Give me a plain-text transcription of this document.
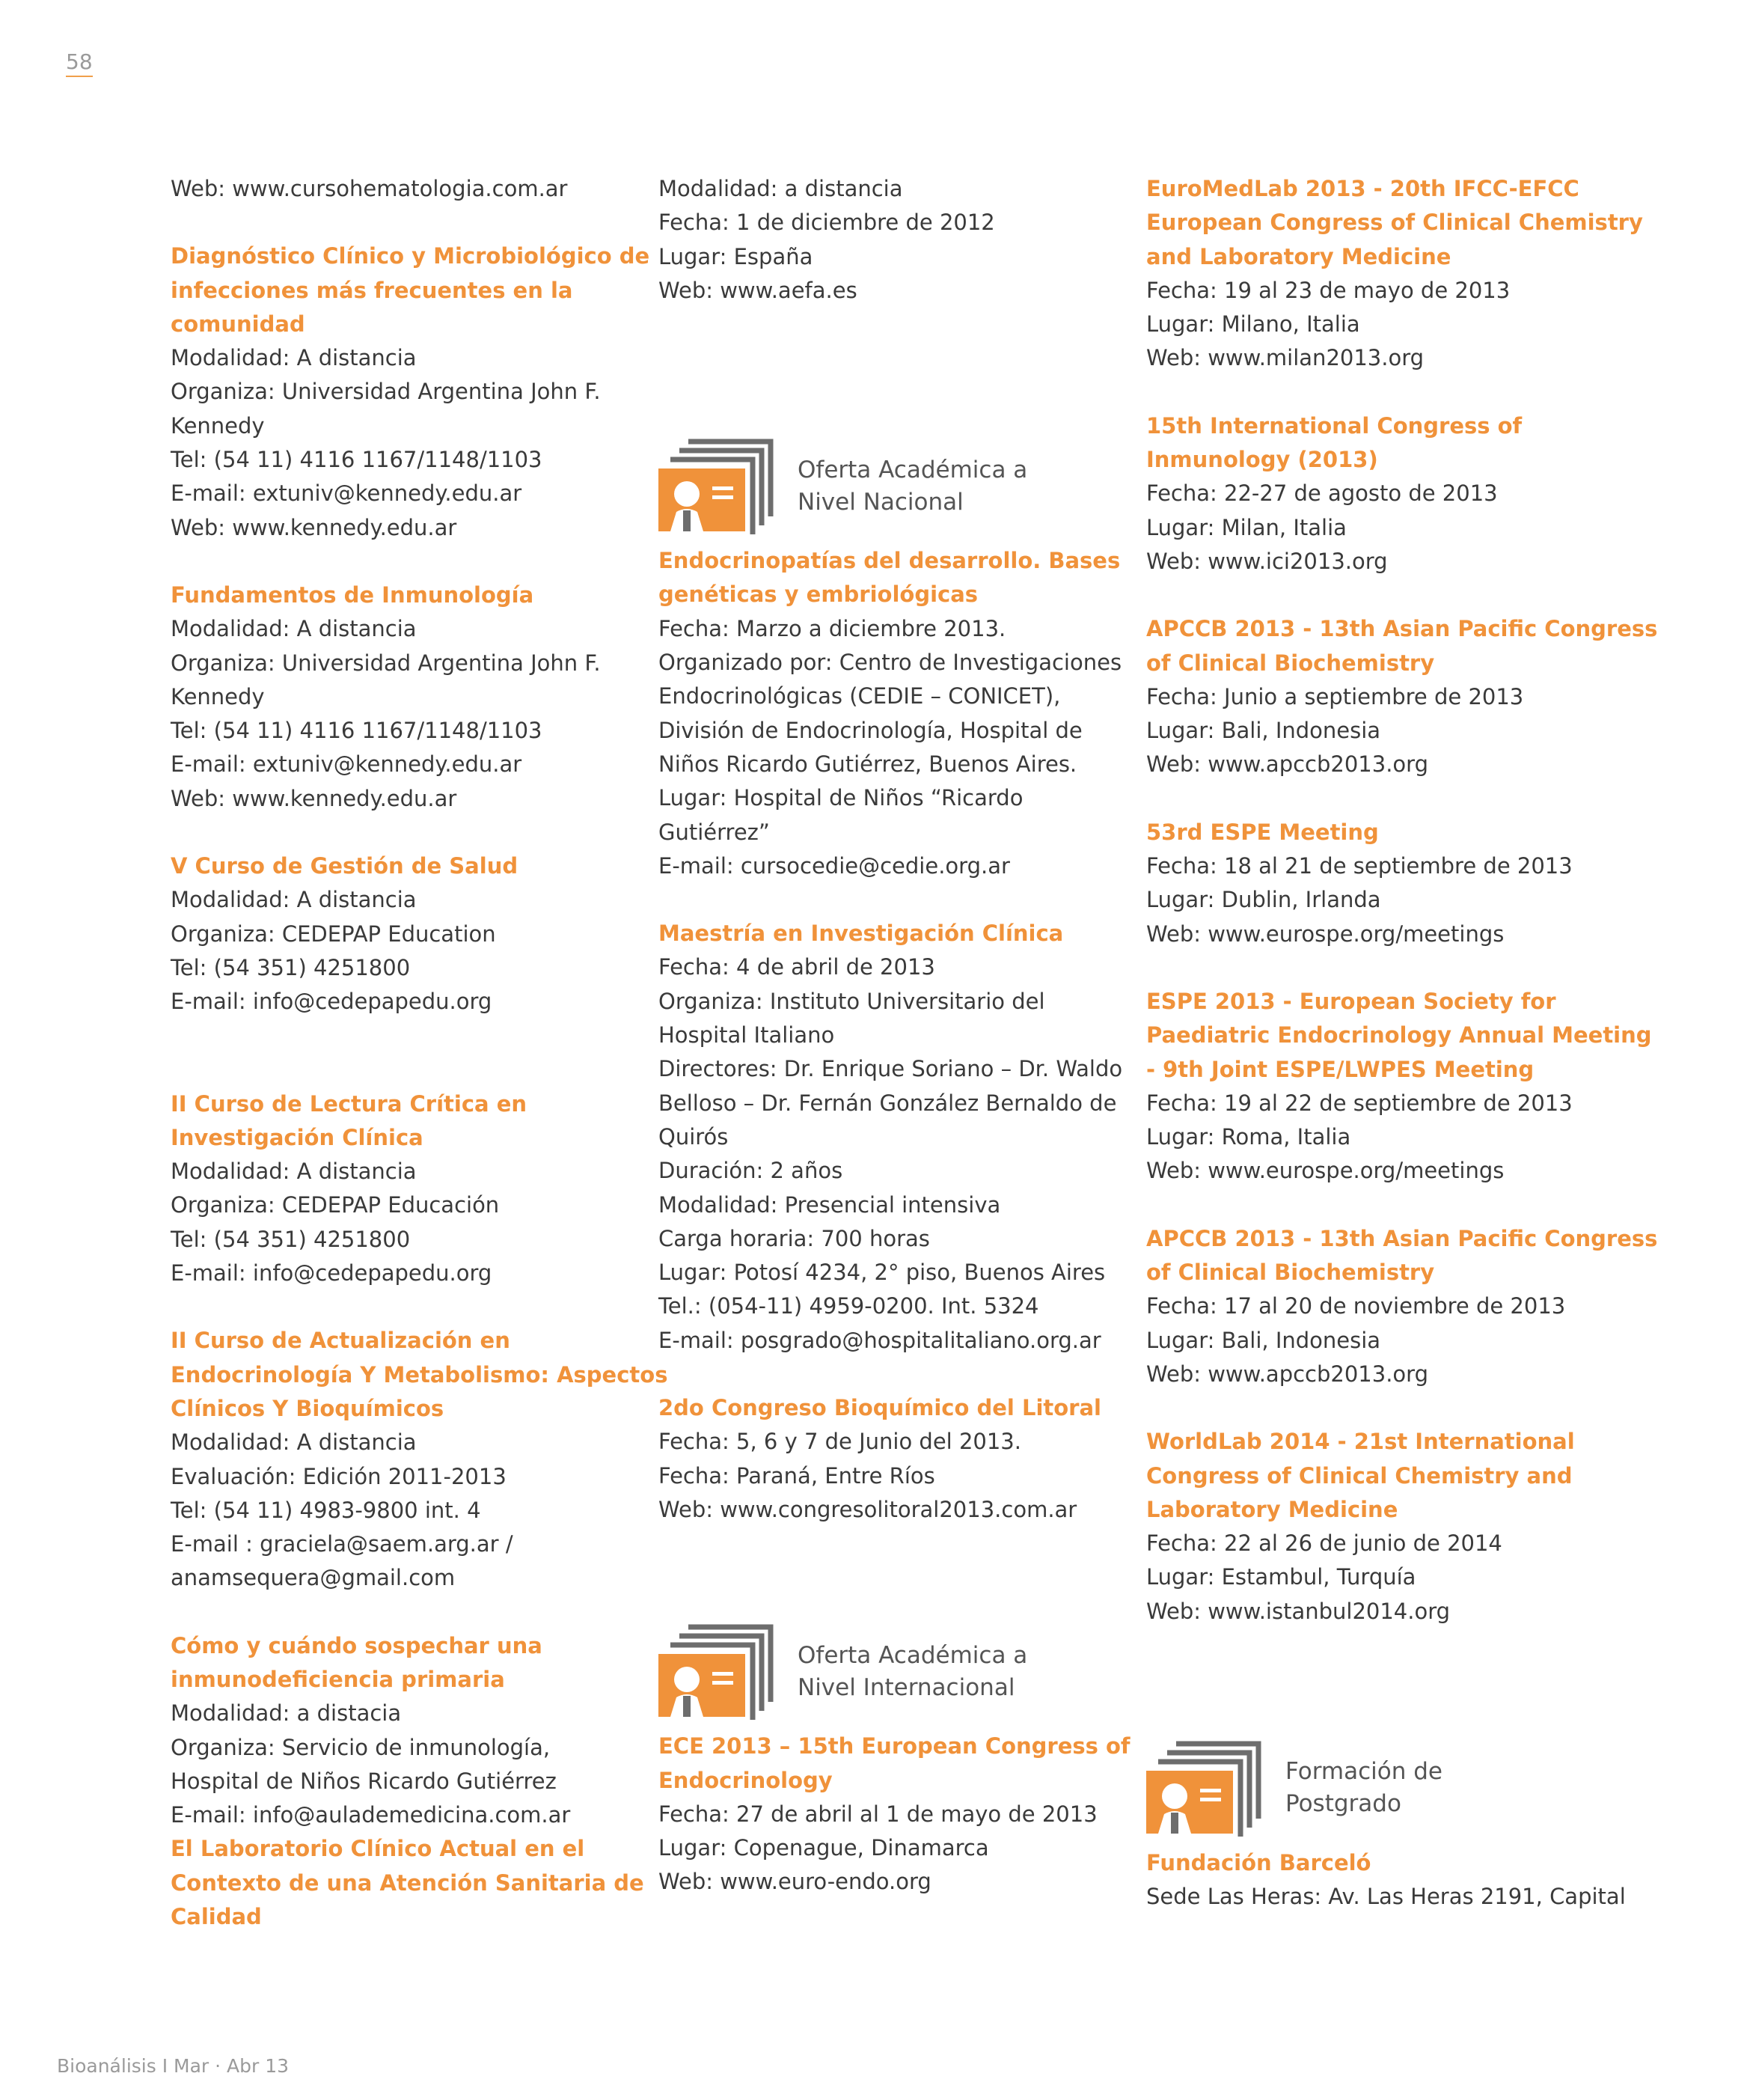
58
Web: www.cursohematologia.com.ar
Diagnóstico Clínico y Microbiológico de
infecciones más frecuentes en la
comunidad
Modalidad: A distancia
Organiza: Universidad Argentina John F.
Kennedy
Tel: (54 11) 4116 1167/1148/1103
E-mail: extuniv@kennedy.edu.ar
Web: www.kennedy.edu.ar
Fundamentos de Inmunología
Modalidad: A distancia
Organiza: Universidad Argentina John F.
Kennedy
Tel: (54 11) 4116 1167/1148/1103
E-mail: extuniv@kennedy.edu.ar
Web: www.kennedy.edu.ar
V Curso de Gestión de Salud
Modalidad: A distancia
Organiza: CEDEPAP Education
Tel: (54 351) 4251800
E-mail: info@cedepapedu.org
II Curso de Lectura Crítica en
Investigación Clínica
Modalidad: A distancia
Organiza: CEDEPAP Educación
Tel: (54 351) 4251800
E-mail: info@cedepapedu.org
II Curso de Actualización en
Endocrinología Y Metabolismo: Aspectos
Clínicos Y Bioquímicos
Modalidad: A distancia
Evaluación: Edición 2011-2013
Tel: (54 11) 4983-9800 int. 4
E-mail : graciela@saem.arg.ar /
anamsequera@gmail.com
Cómo y cuándo sospechar una
inmunodeficiencia primaria
Modalidad: a distacia
Organiza: Servicio de inmunología,
Hospital de Niños Ricardo Gutiérrez
E-mail: info@aulademedicina.com.ar
El Laboratorio Clínico Actual en el
Contexto de una Atención Sanitaria de
Calidad
Modalidad: a distancia
Fecha: 1 de diciembre de 2012
Lugar: España
Web: www.aefa.es
Oferta Académica a
Nivel Nacional
Endocrinopatías del desarrollo. Bases
genéticas y embriológicas
Fecha: Marzo a diciembre 2013.
Organizado por: Centro de Investigaciones
Endocrinológicas (CEDIE – CONICET),
División de Endocrinología, Hospital de
Niños Ricardo Gutiérrez, Buenos Aires.
Lugar: Hospital de Niños “Ricardo
Gutiérrez”
E-mail: cursocedie@cedie.org.ar
Maestría en Investigación Clínica
Fecha: 4 de abril de 2013
Organiza: Instituto Universitario del
Hospital Italiano
Directores: Dr. Enrique Soriano – Dr. Waldo
Belloso – Dr. Fernán González Bernaldo de
Quirós
Duración: 2 años
Modalidad: Presencial intensiva
Carga horaria: 700 horas
Lugar: Potosí 4234, 2° piso, Buenos Aires
Tel.: (054-11) 4959-0200. Int. 5324
E-mail: posgrado@hospitalitaliano.org.ar
2do Congreso Bioquímico del Litoral
Fecha: 5, 6 y 7 de Junio del 2013.
Fecha: Paraná, Entre Ríos
Web: www.congresolitoral2013.com.ar
Oferta Académica a
Nivel Internacional
ECE 2013 – 15th European Congress of
Endocrinology
Fecha: 27 de abril al 1 de mayo de 2013
Lugar: Copenague, Dinamarca
Web: www.euro-endo.org
EuroMedLab 2013 - 20th IFCC-EFCC
European Congress of Clinical Chemistry
and Laboratory Medicine
Fecha: 19 al 23 de mayo de 2013
Lugar: Milano, Italia
Web: www.milan2013.org
15th International Congress of
Inmunology (2013)
Fecha: 22-27 de agosto de 2013
Lugar: Milan, Italia
Web: www.ici2013.org
APCCB 2013 - 13th Asian Pacific Congress
of Clinical Biochemistry
Fecha: Junio a septiembre de 2013
Lugar: Bali, Indonesia
Web: www.apccb2013.org
53rd ESPE Meeting
Fecha: 18 al 21 de septiembre de 2013
Lugar: Dublin, Irlanda
Web: www.eurospe.org/meetings
ESPE 2013 - European Society for
Paediatric Endocrinology Annual Meeting
- 9th Joint ESPE/LWPES Meeting
Fecha: 19 al 22 de septiembre de 2013
Lugar: Roma, Italia
Web: www.eurospe.org/meetings
APCCB 2013 - 13th Asian Pacific Congress
of Clinical Biochemistry
Fecha: 17 al 20 de noviembre de 2013
Lugar: Bali, Indonesia
Web: www.apccb2013.org
WorldLab 2014 - 21st International
Congress of Clinical Chemistry and
Laboratory Medicine
Fecha: 22 al 26 de junio de 2014
Lugar: Estambul, Turquía
Web: www.istanbul2014.org
Formación de
Postgrado
Fundación Barceló
Sede Las Heras: Av. Las Heras 2191, Capital
Bioanálisis I Mar · Abr 13
